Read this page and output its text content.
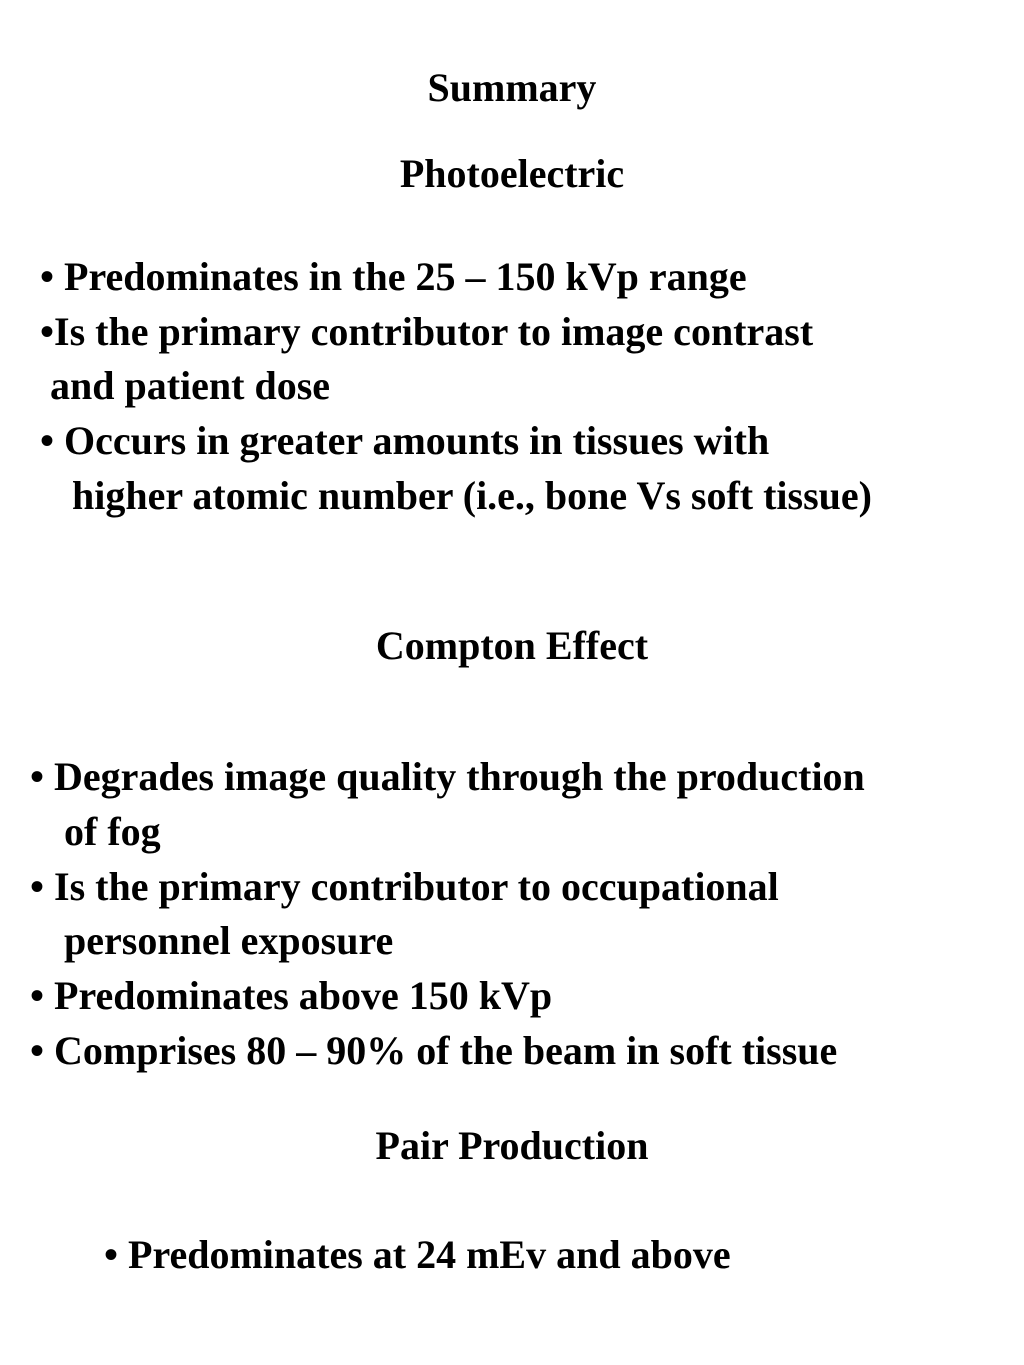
Summary
Photoelectric
• Predominates in the 25 – 150 kVp range
•Is the primary contributor to image contrast
and patient dose
• Occurs in greater amounts in tissues with
higher atomic number (i.e., bone Vs soft tissue)
Compton Effect
• Degrades image quality through the production
of fog
• Is the primary contributor to occupational
personnel exposure
• Predominates above 150 kVp
• Comprises 80 – 90% of the beam in soft tissue
Pair Production
• Predominates at 24 mEv and above
